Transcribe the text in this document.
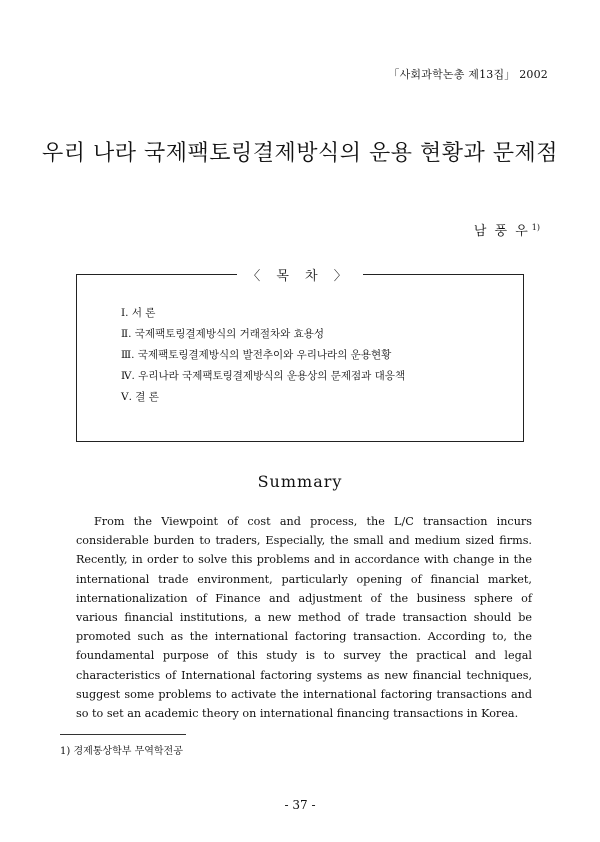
「사회과학논총 제13집」 2002
우리 나라 국제팩토링결제방식의 운용 현황과 문제점
남 풍 우 $^{1)}$
〈 목 차 〉
Ⅰ. 서 론
Ⅱ. 국제팩토링결제방식의 거래절차와 효용성
Ⅲ. 국제팩토링결제방식의 발전추이와 우리나라의 운용현황
Ⅳ. 우리나라 국제팩토링결제방식의 운용상의 문제점과 대응책
Ⅴ. 결 론
Summary

From the Viewpoint of cost and process, the L/C transaction incurs considerable burden to traders, Especially, the small and medium sized firms. Recently, in order to solve this problems and in accordance with change in the international trade environment, particularly opening of financial market, internationalization of Finance and adjustment of the business sphere of various financial institutions, a new method of trade transaction should be promoted such as the international factoring transaction. According to, the foundamental purpose of this study is to survey the practical and legal characteristics of International factoring systems as new financial techniques, suggest some problems to activate the international factoring transactions and so to set an academic theory on international financing transactions in Korea.

1) 경제통상학부 무역학전공
- 37 -
